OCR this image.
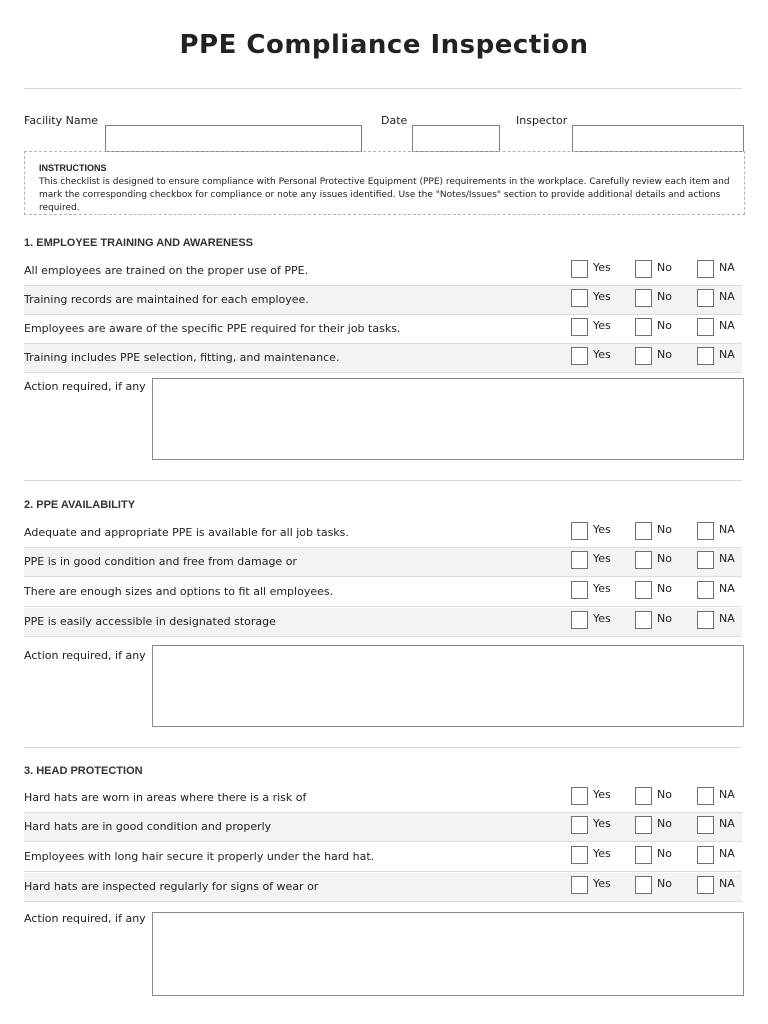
PPE Compliance Inspection
Facility Name	Date	Inspector
INSTRUCTIONS
This checklist is designed to ensure compliance with Personal Protective Equipment (PPE) requirements in the workplace. Carefully review each item and mark the corresponding checkbox for compliance or note any issues identified. Use the "Notes/Issues" section to provide additional details and actions required.
1. EMPLOYEE TRAINING AND AWARENESS
All employees are trained on the proper use of PPE.	Yes	No	NA
Training records are maintained for each employee.	Yes	No	NA
Employees are aware of the specific PPE required for their job tasks.	Yes	No	NA
Training includes PPE selection, fitting, and maintenance.	Yes	No	NA
Action required, if any
2. PPE AVAILABILITY
Adequate and appropriate PPE is available for all job tasks.	Yes	No	NA
PPE is in good condition and free from damage or	Yes	No	NA
There are enough sizes and options to fit all employees.	Yes	No	NA
PPE is easily accessible in designated storage	Yes	No	NA
Action required, if any
3. HEAD PROTECTION
Hard hats are worn in areas where there is a risk of	Yes	No	NA
Hard hats are in good condition and properly	Yes	No	NA
Employees with long hair secure it properly under the hard hat.	Yes	No	NA
Hard hats are inspected regularly for signs of wear or	Yes	No	NA
Action required, if any
